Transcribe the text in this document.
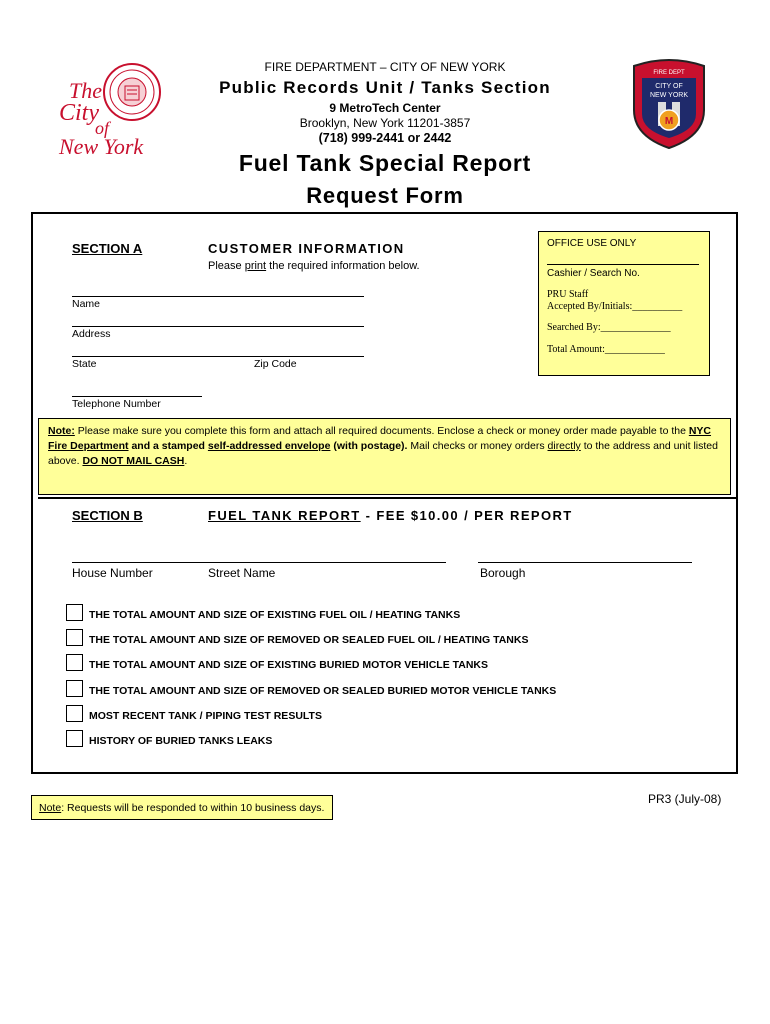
The
City
of
New York
FIRE DEPT
CITY OF
NEW YORK
M
FIRE DEPARTMENT – CITY OF NEW YORK
Public Records Unit / Tanks Section
9 MetroTech Center
Brooklyn, New York 11201-3857
(718) 999-2441 or 2442
Fuel Tank Special Report
Request Form
SECTION A	CUSTOMER INFORMATION
Please print the required information below.
Name
Address
State	Zip Code
Telephone Number
OFFICE USE ONLY
Cashier / Search No.
PRU Staff
Accepted By/Initials:__________
Searched By:______________
Total Amount:____________
Note: Please make sure you complete this form and attach all required documents. Enclose a check or money order made payable to the NYC Fire Department and a stamped self-addressed envelope (with postage). Mail checks or money orders directly to the address and unit listed above. DO NOT MAIL CASH.
SECTION B	FUEL TANK REPORT - FEE $10.00 / PER REPORT
House Number	Street Name	Borough
THE TOTAL AMOUNT AND SIZE OF EXISTING FUEL OIL / HEATING TANKS
THE TOTAL AMOUNT AND SIZE OF REMOVED OR SEALED FUEL OIL / HEATING TANKS
THE TOTAL AMOUNT AND SIZE OF EXISTING BURIED MOTOR VEHICLE TANKS
THE TOTAL AMOUNT AND SIZE OF REMOVED OR SEALED BURIED MOTOR VEHICLE TANKS
MOST RECENT TANK / PIPING TEST RESULTS
HISTORY OF BURIED TANKS LEAKS
Note: Requests will be responded to within 10 business days.
PR3 (July-08)
